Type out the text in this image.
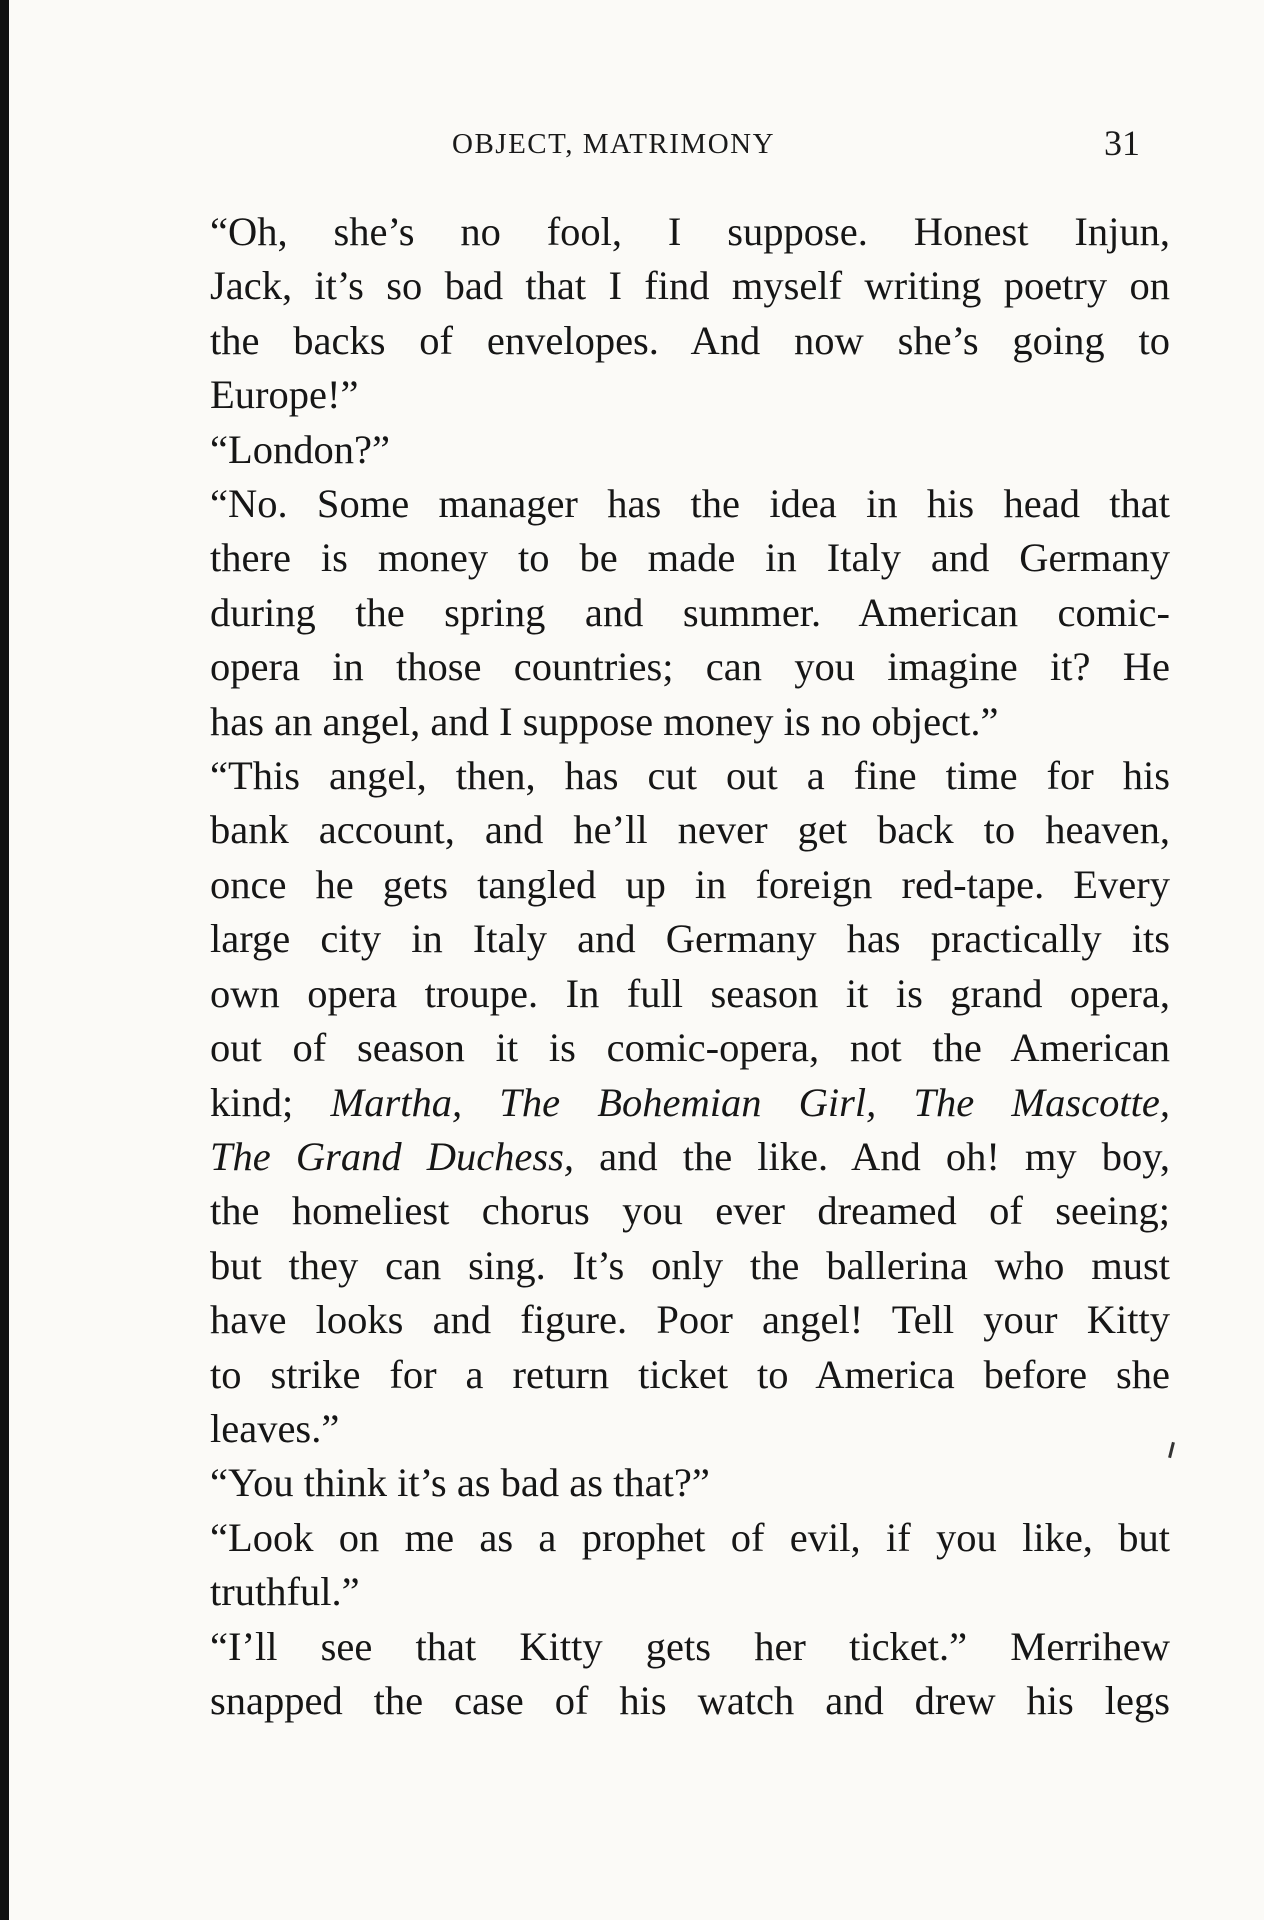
OBJECT, MATRIMONY	31

“Oh, she’s no fool, I suppose. Honest Injun,
Jack, it’s so bad that I find myself writing poetry on
the backs of envelopes. And now she’s going to
Europe!”

“London?”

“No. Some manager has the idea in his head that
there is money to be made in Italy and Germany
during the spring and summer. American comic-
opera in those countries; can you imagine it? He
has an angel, and I suppose money is no object.”

“This angel, then, has cut out a fine time for his
bank account, and he’ll never get back to heaven,
once he gets tangled up in foreign red-tape. Every
large city in Italy and Germany has practically its
own opera troupe. In full season it is grand opera,
out of season it is comic-opera, not the American
kind; Martha, The Bohemian Girl, The Mascotte,
The Grand Duchess, and the like. And oh! my boy,
the homeliest chorus you ever dreamed of seeing;
but they can sing. It’s only the ballerina who must
have looks and figure. Poor angel! Tell your Kitty
to strike for a return ticket to America before she
leaves.”

“You think it’s as bad as that?”

“Look on me as a prophet of evil, if you like, but
truthful.”

“I’ll see that Kitty gets her ticket.” Merrihew
snapped the case of his watch and drew his legs
